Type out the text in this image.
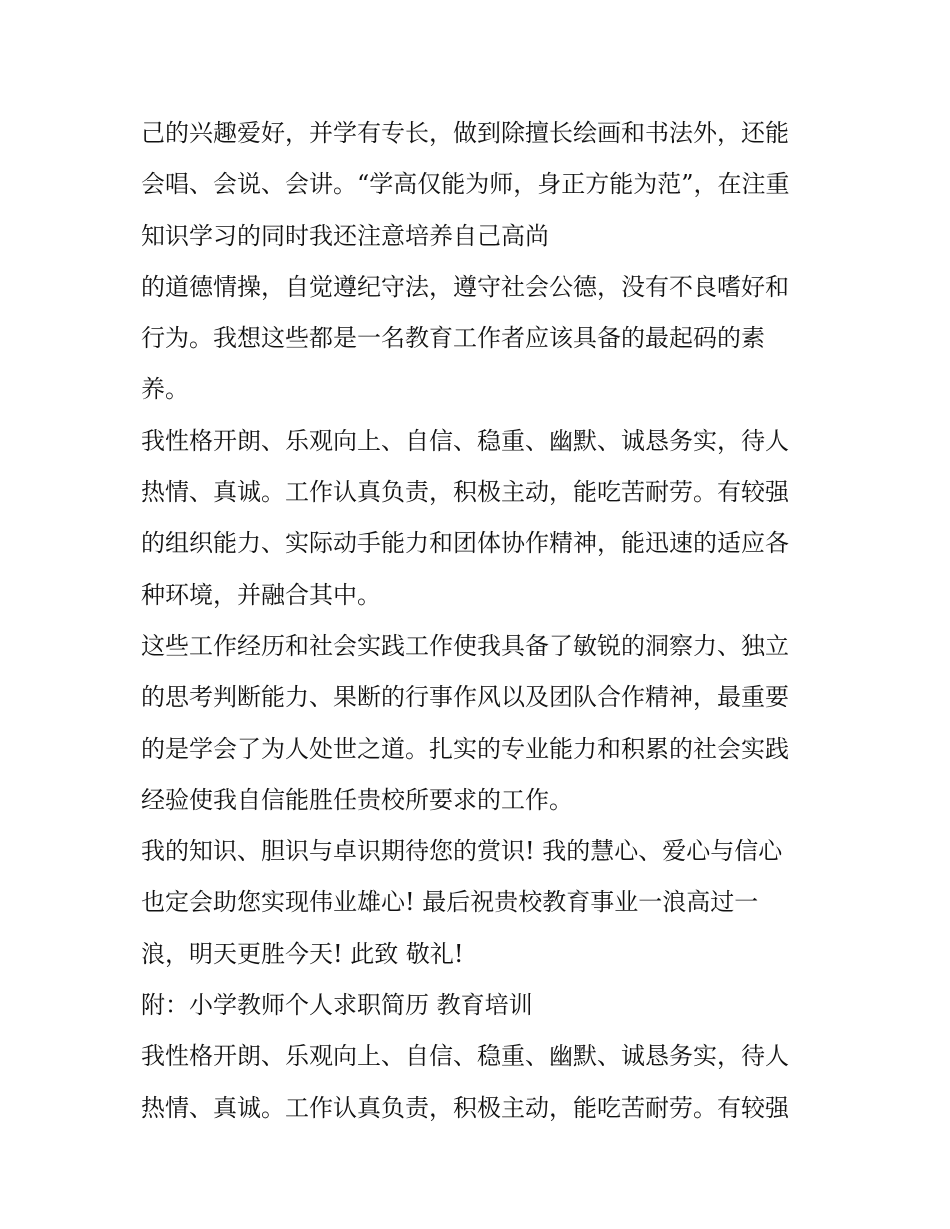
己的兴趣爱好，并学有专长，做到除擅长绘画和书法外，还能
会唱、会说、会讲。“学高仅能为师，身正方能为范”，在注重
知识学习的同时我还注意培养自己高尚
的道德情操，自觉遵纪守法，遵守社会公德，没有不良嗜好和
行为。我想这些都是一名教育工作者应该具备的最起码的素
养。
我性格开朗、乐观向上、自信、稳重、幽默、诚恳务实，待人
热情、真诚。工作认真负责，积极主动，能吃苦耐劳。有较强
的组织能力、实际动手能力和团体协作精神，能迅速的适应各
种环境，并融合其中。
这些工作经历和社会实践工作使我具备了敏锐的洞察力、独立
的思考判断能力、果断的行事作风以及团队合作精神，最重要
的是学会了为人处世之道。扎实的专业能力和积累的社会实践
经验使我自信能胜任贵校所要求的工作。
我的知识、胆识与卓识期待您的赏识! 我的慧心、爱心与信心
也定会助您实现伟业雄心! 最后祝贵校教育事业一浪高过一
浪，明天更胜今天! 此致 敬礼!
附：小学教师个人求职简历 教育培训
我性格开朗、乐观向上、自信、稳重、幽默、诚恳务实，待人
热情、真诚。工作认真负责，积极主动，能吃苦耐劳。有较强
